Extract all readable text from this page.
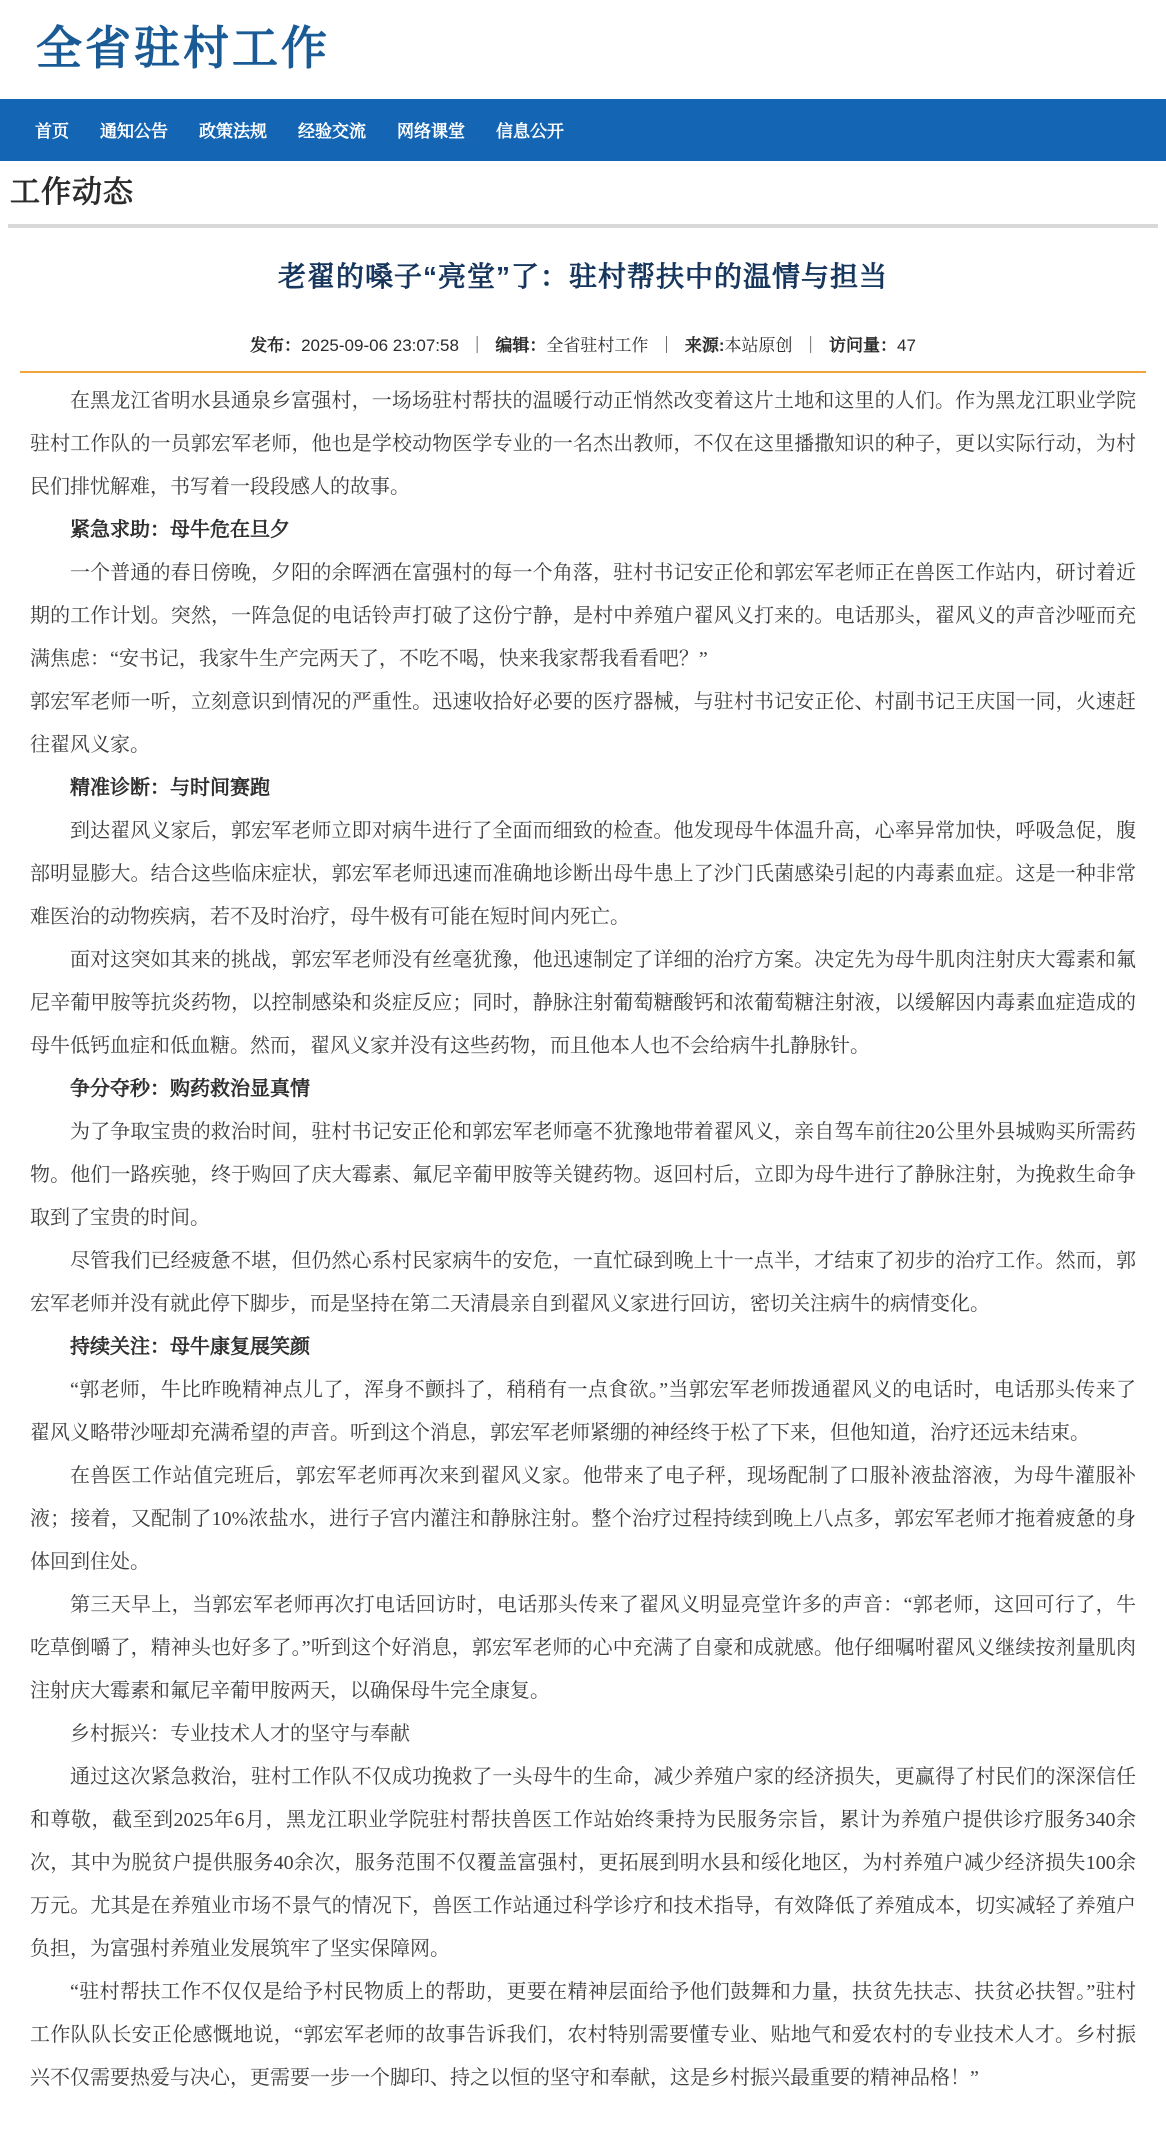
全省驻村工作
首页 通知公告 政策法规 经验交流 网络课堂 信息公开
工作动态
老翟的嗓子“亮堂”了：驻村帮扶中的温情与担当
发布：2025-09-06 23:07:58 ｜ 编辑：全省驻村工作 ｜ 来源:本站原创 ｜ 访问量：47

在黑龙江省明水县通泉乡富强村，一场场驻村帮扶的温暖行动正悄然改变着这片土地和这里的人们。作为黑龙江职业学院驻村工作队的一员郭宏军老师，他也是学校动物医学专业的一名杰出教师，不仅在这里播撒知识的种子，更以实际行动，为村民们排忧解难，书写着一段段感人的故事。

紧急求助：母牛危在旦夕

一个普通的春日傍晚，夕阳的余晖洒在富强村的每一个角落，驻村书记安正伦和郭宏军老师正在兽医工作站内，研讨着近期的工作计划。突然，一阵急促的电话铃声打破了这份宁静，是村中养殖户翟风义打来的。电话那头，翟风义的声音沙哑而充满焦虑：“安书记，我家牛生产完两天了，不吃不喝，快来我家帮我看看吧？”

郭宏军老师一听，立刻意识到情况的严重性。迅速收拾好必要的医疗器械，与驻村书记安正伦、村副书记王庆国一同，火速赶往翟风义家。

精准诊断：与时间赛跑

到达翟风义家后，郭宏军老师立即对病牛进行了全面而细致的检查。他发现母牛体温升高，心率异常加快，呼吸急促，腹部明显膨大。结合这些临床症状，郭宏军老师迅速而准确地诊断出母牛患上了沙门氏菌感染引起的内毒素血症。这是一种非常难医治的动物疾病，若不及时治疗，母牛极有可能在短时间内死亡。

面对这突如其来的挑战，郭宏军老师没有丝毫犹豫，他迅速制定了详细的治疗方案。决定先为母牛肌肉注射庆大霉素和氟尼辛葡甲胺等抗炎药物，以控制感染和炎症反应；同时，静脉注射葡萄糖酸钙和浓葡萄糖注射液，以缓解因内毒素血症造成的母牛低钙血症和低血糖。然而，翟风义家并没有这些药物，而且他本人也不会给病牛扎静脉针。

争分夺秒：购药救治显真情

为了争取宝贵的救治时间，驻村书记安正伦和郭宏军老师毫不犹豫地带着翟风义，亲自驾车前往20公里外县城购买所需药物。他们一路疾驰，终于购回了庆大霉素、氟尼辛葡甲胺等关键药物。返回村后，立即为母牛进行了静脉注射，为挽救生命争取到了宝贵的时间。

尽管我们已经疲惫不堪，但仍然心系村民家病牛的安危，一直忙碌到晚上十一点半，才结束了初步的治疗工作。然而，郭宏军老师并没有就此停下脚步，而是坚持在第二天清晨亲自到翟风义家进行回访，密切关注病牛的病情变化。

持续关注：母牛康复展笑颜

“郭老师，牛比昨晚精神点儿了，浑身不颤抖了，稍稍有一点食欲。”当郭宏军老师拨通翟风义的电话时，电话那头传来了翟风义略带沙哑却充满希望的声音。听到这个消息，郭宏军老师紧绷的神经终于松了下来，但他知道，治疗还远未结束。

在兽医工作站值完班后，郭宏军老师再次来到翟风义家。他带来了电子秤，现场配制了口服补液盐溶液，为母牛灌服补液；接着，又配制了10%浓盐水，进行子宫内灌注和静脉注射。整个治疗过程持续到晚上八点多，郭宏军老师才拖着疲惫的身体回到住处。

第三天早上，当郭宏军老师再次打电话回访时，电话那头传来了翟风义明显亮堂许多的声音：“郭老师，这回可行了，牛吃草倒嚼了，精神头也好多了。”听到这个好消息，郭宏军老师的心中充满了自豪和成就感。他仔细嘱咐翟风义继续按剂量肌肉注射庆大霉素和氟尼辛葡甲胺两天，以确保母牛完全康复。

乡村振兴：专业技术人才的坚守与奉献

通过这次紧急救治，驻村工作队不仅成功挽救了一头母牛的生命，减少养殖户家的经济损失，更赢得了村民们的深深信任和尊敬，截至到2025年6月，黑龙江职业学院驻村帮扶兽医工作站始终秉持为民服务宗旨，累计为养殖户提供诊疗服务340余次，其中为脱贫户提供服务40余次，服务范围不仅覆盖富强村，更拓展到明水县和绥化地区，为村养殖户减少经济损失100余万元。尤其是在养殖业市场不景气的情况下，兽医工作站通过科学诊疗和技术指导，有效降低了养殖成本，切实减轻了养殖户负担，为富强村养殖业发展筑牢了坚实保障网。

“驻村帮扶工作不仅仅是给予村民物质上的帮助，更要在精神层面给予他们鼓舞和力量，扶贫先扶志、扶贫必扶智。”驻村工作队队长安正伦感慨地说，“郭宏军老师的故事告诉我们，农村特别需要懂专业、贴地气和爱农村的专业技术人才。乡村振兴不仅需要热爱与决心，更需要一步一个脚印、持之以恒的坚守和奉献，这是乡村振兴最重要的精神品格！”
